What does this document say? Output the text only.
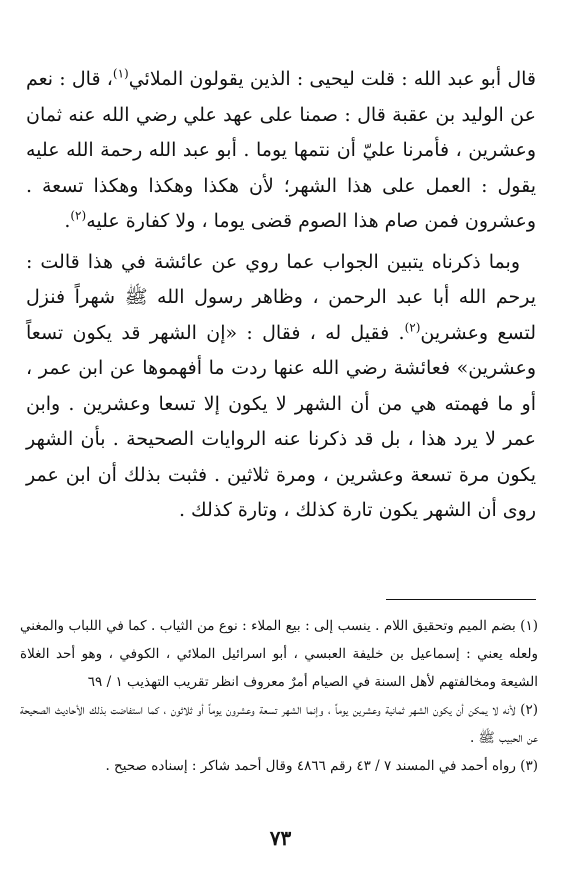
قال أبو عبد الله : قلت ليحيى : الذين يقولون الملائي$^{(١)}$، قال : نعم عن الوليد بن عقبة قال : صمنا على عهد علي رضي الله عنه ثمان وعشرين ، فأمرنا عليّ أن نتمها يوما . أبو عبد الله رحمة الله عليه يقول : العمل على هذا الشهر؛ لأن هكذا وهكذا وهكذا تسعة . وعشرون فمن صام هذا الصوم قضى يوما ، ولا كفارة عليه$^{(٢)}$.

وبما ذكرناه يتبين الجواب عما روي عن عائشة في هذا قالت : يرحم الله أبا عبد الرحمن ، وظاهر رسول الله ﷺ شهراً فنزل لتسع وعشرين$^{(٢)}$. فقيل له ، فقال : «إن الشهر قد يكون تسعاً وعشرين» فعائشة رضي الله عنها ردت ما أفهموها عن ابن عمر ، أو ما فهمته هي من أن الشهر لا يكون إلا تسعا وعشرين . وابن عمر لا يرد هذا ، بل قد ذكرنا عنه الروايات الصحيحة . بأن الشهر يكون مرة تسعة وعشرين ، ومرة ثلاثين . فثبت بذلك أن ابن عمر روى أن الشهر يكون تارة كذلك ، وتارة كذلك .

(١) بضم الميم وتحقيق اللام . ينسب إلى : بيع الملاء : نوع من الثياب . كما في اللباب والمغني ولعله يعني : إسماعيل بن خليفة العبسي ، أبو اسرائيل الملائي ، الكوفي ، وهو أحد الغلاة الشيعة ومخالفتهم لأهل السنة في الصيام أمرٌ معروف انظر تقريب التهذيب ١ / ٦٩

(٢) لأنه لا يمكن أن يكون الشهر ثمانية وعشرين يوماً ، وإنما الشهر تسعة وعشرون يوماً أو ثلاثون ، كما استفاضت بذلك الأحاديث الصحيحة عن الحبيب ﷺ .

(٣) رواه أحمد في المسند ٧ / ٤٣ رقم ٤٨٦٦ وقال أحمد شاكر : إسناده صحيح .

٧٣
